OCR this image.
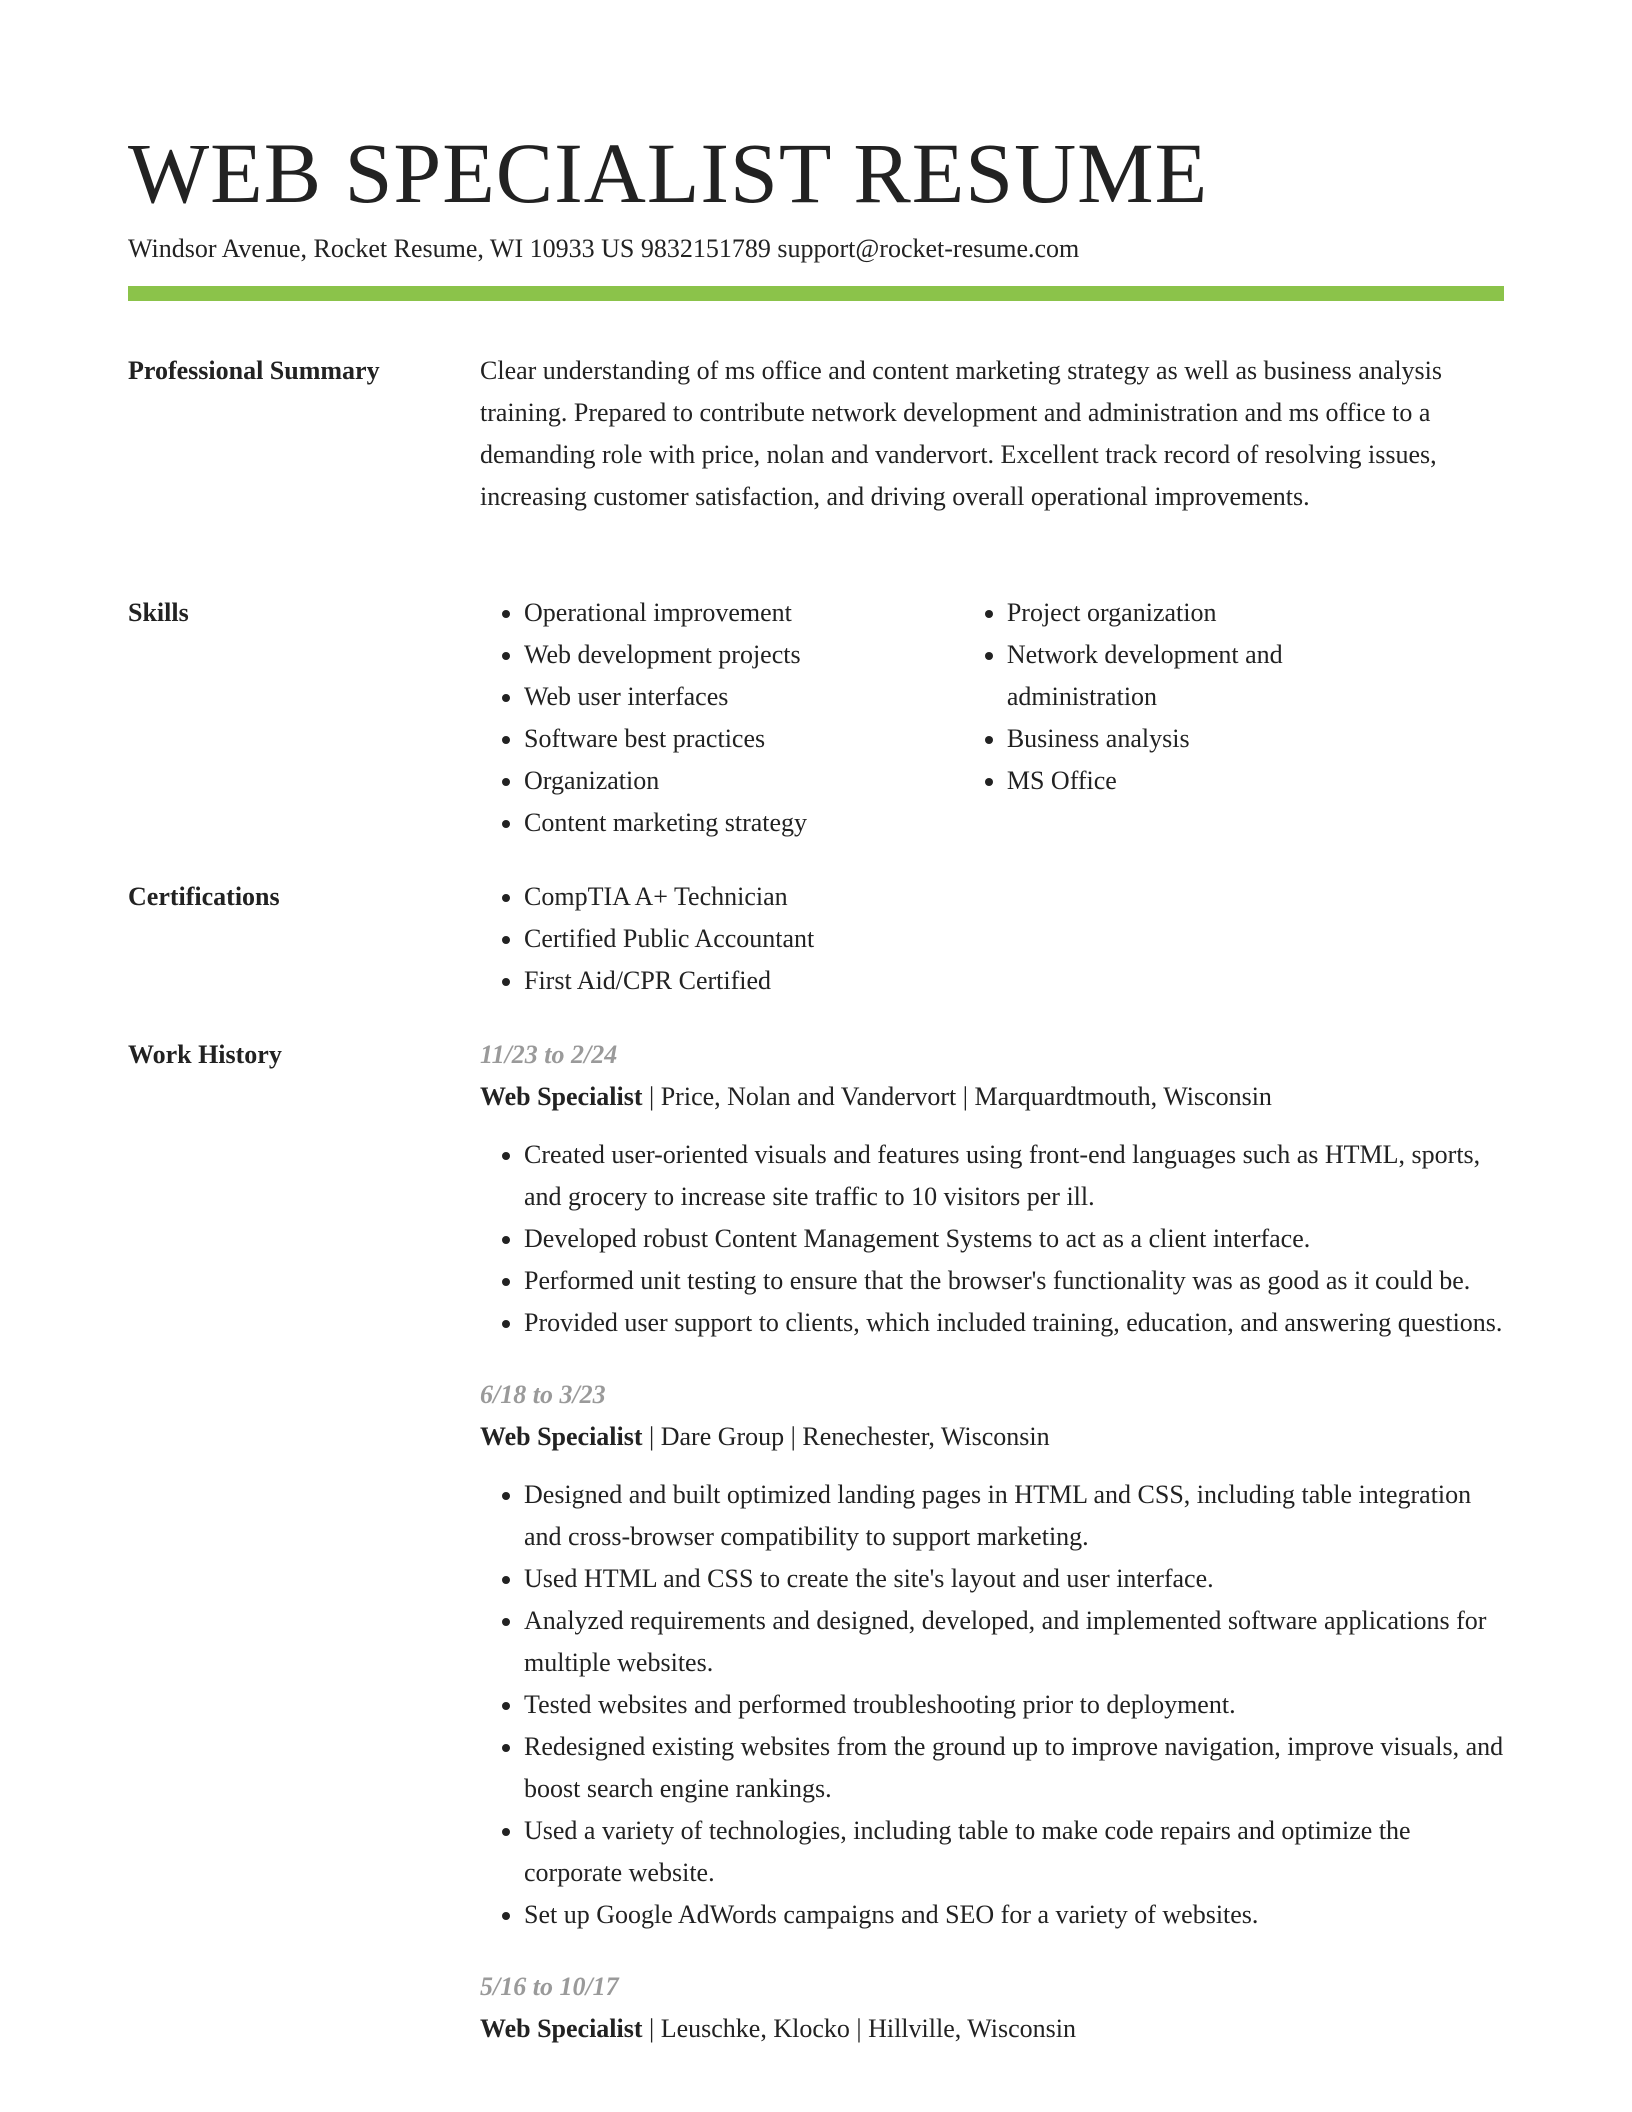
WEB SPECIALIST RESUME
Windsor Avenue, Rocket Resume, WI 10933 US 9832151789 support@rocket-resume.com
Professional Summary	Clear understanding of ms office and content marketing strategy as well as business analysis training. Prepared to contribute network development and administration and ms office to a demanding role with price, nolan and vandervort. Excellent track record of resolving issues, increasing customer satisfaction, and driving overall operational improvements.

Skills	• Operational improvement
• Web development projects
• Web user interfaces
• Software best practices
• Organization
• Content marketing strategy
• Project organization
• Network development and administration
• Business analysis
• MS Office
Certifications	• CompTIA A+ Technician
• Certified Public Accountant
• First Aid/CPR Certified
Work History	11/23 to 2/24
Web Specialist | Price, Nolan and Vandervort | Marquardtmouth, Wisconsin
• Created user-oriented visuals and features using front-end languages such as HTML, sports, and grocery to increase site traffic to 10 visitors per ill.
• Developed robust Content Management Systems to act as a client interface.
• Performed unit testing to ensure that the browser's functionality was as good as it could be.
• Provided user support to clients, which included training, education, and answering questions.
6/18 to 3/23
Web Specialist | Dare Group | Renechester, Wisconsin
• Designed and built optimized landing pages in HTML and CSS, including table integration and cross-browser compatibility to support marketing.
• Used HTML and CSS to create the site's layout and user interface.
• Analyzed requirements and designed, developed, and implemented software applications for multiple websites.
• Tested websites and performed troubleshooting prior to deployment.
• Redesigned existing websites from the ground up to improve navigation, improve visuals, and boost search engine rankings.
• Used a variety of technologies, including table to make code repairs and optimize the corporate website.
• Set up Google AdWords campaigns and SEO for a variety of websites.
5/16 to 10/17
Web Specialist | Leuschke, Klocko | Hillville, Wisconsin
